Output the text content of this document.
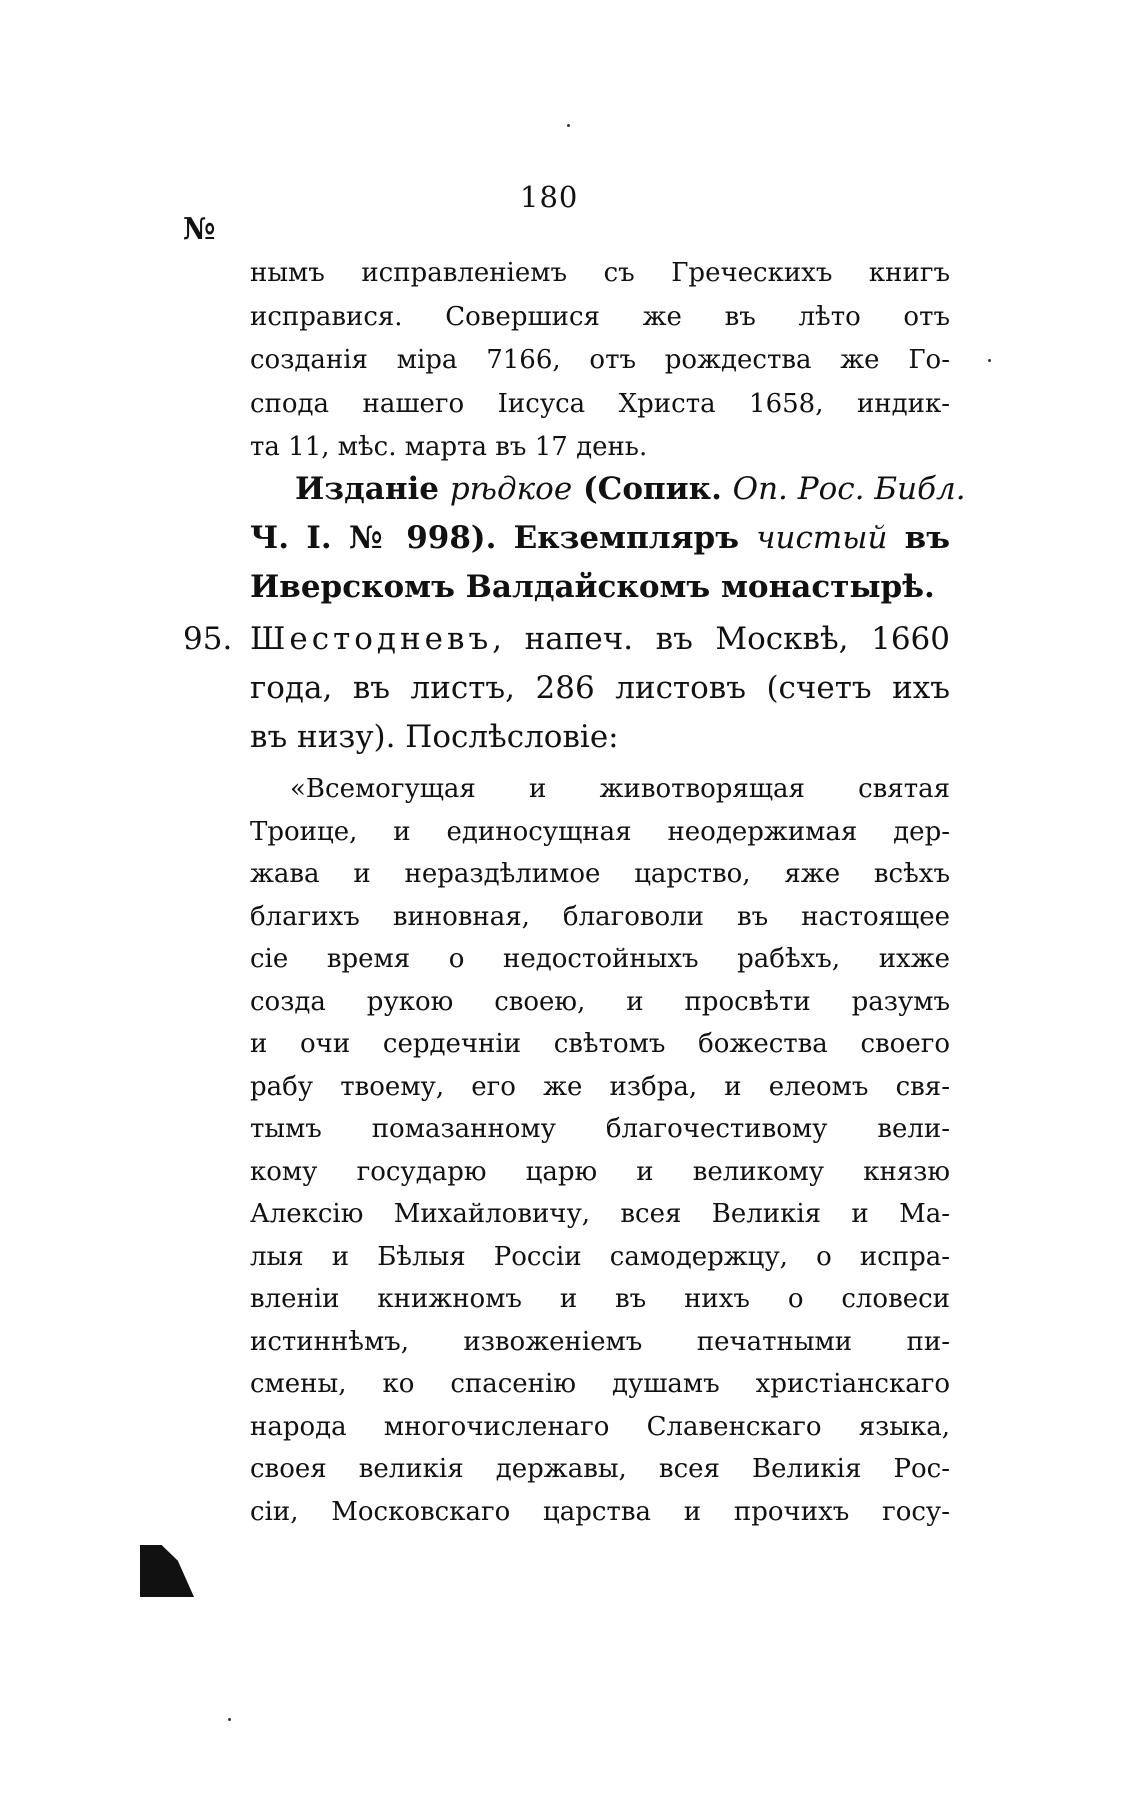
180
№
нымъ исправленіемъ съ Греческихъ книгъ
исправися. Совершися же въ лѣто отъ
созданія міра 7166, отъ рождества же Го-
спода нашего Іисуса Христа 1658, индик-
та 11, мѣс. марта въ 17 день.
Изданіе рѣдкое (Сопик. Оп. Рос. Библ.
Ч. I. № 998). Екземпляръ чистый въ
Иверскомъ Валдайскомъ монастырѣ.
95. Шестодневъ, напеч. въ Москвѣ, 1660
года, въ листъ, 286 листовъ (счетъ ихъ
въ низу). Послѣсловіе:
«Всемогущая и животворящая святая
Троице, и единосущная неодержимая дер-
жава и нераздѣлимое царство, яже всѣхъ
благихъ виновная, благоволи въ настоящее
сіе время о недостойныхъ рабѣхъ, ихже
созда рукою своею, и просвѣти разумъ
и очи сердечніи свѣтомъ божества своего
рабу твоему, его же избра, и елеомъ свя-
тымъ помазанному благочестивому вели-
кому государю царю и великому князю
Алексію Михайловичу, всея Великія и Ма-
лыя и Бѣлыя Россіи самодержцу, о испра-
вленіи книжномъ и въ нихъ о словеси
истиннѣмъ, извоженіемъ печатными пи-
смены, ко спасенію душамъ христіанскаго
народа многочисленаго Славенскаго языка,
своея великія державы, всея Великія Рос-
сіи, Московскаго царства и прочихъ госу-
